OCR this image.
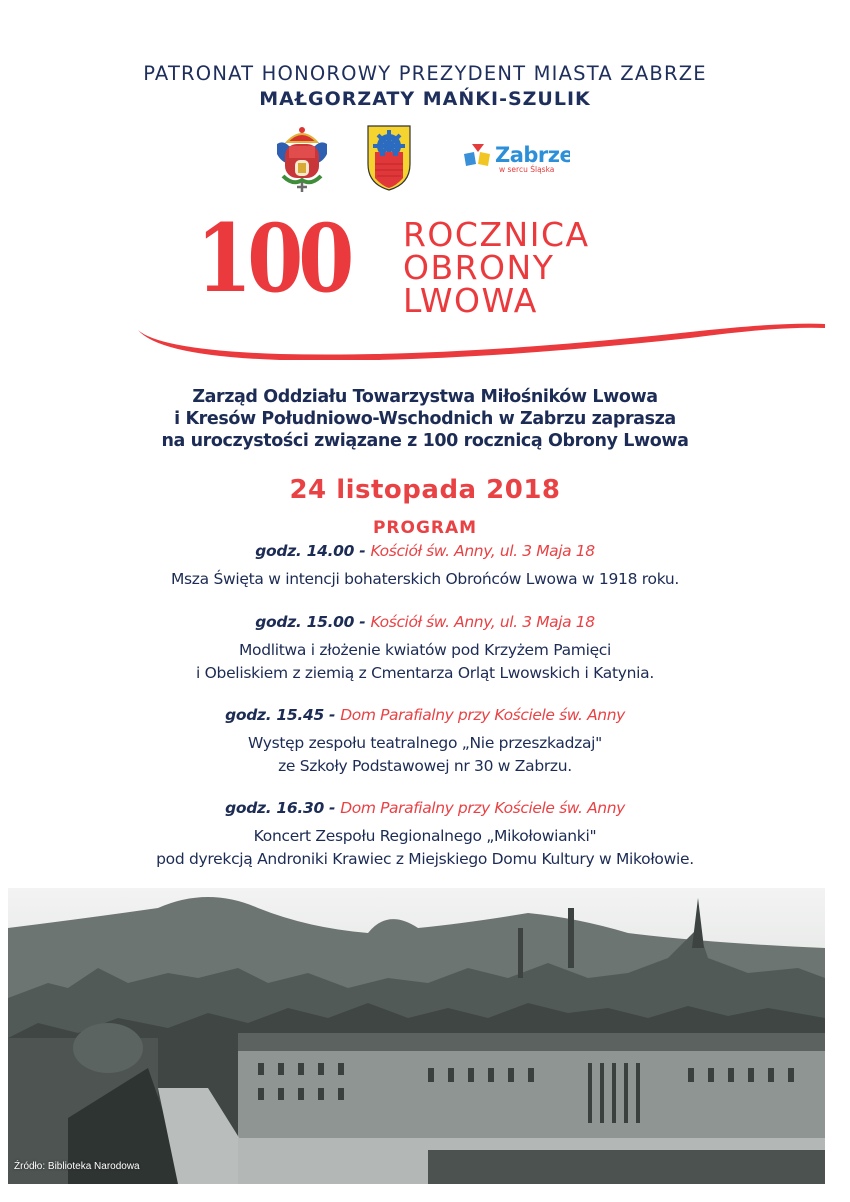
PATRONAT HONOROWY PREZYDENT MIASTA ZABRZE
MAŁGORZATY MAŃKI-SZULIK
Zabrze
w sercu Śląska
100 ROCZNICA
OBRONY
LWOWA
Zarząd Oddziału Towarzystwa Miłośników Lwowa
i Kresów Południowo-Wschodnich w Zabrzu zaprasza
na uroczystości związane z 100 rocznicą Obrony Lwowa
24 listopada 2018
PROGRAM
godz. 14.00 - Kościół św. Anny, ul. 3 Maja 18
Msza Święta w intencji bohaterskich Obrońców Lwowa w 1918 roku.
godz. 15.00 - Kościół św. Anny, ul. 3 Maja 18
Modlitwa i złożenie kwiatów pod Krzyżem Pamięci
i Obeliskiem z ziemią z Cmentarza Orląt Lwowskich i Katynia.
godz. 15.45 - Dom Parafialny przy Kościele św. Anny
Występ zespołu teatralnego „Nie przeszkadzaj"
ze Szkoły Podstawowej nr 30 w Zabrzu.
godz. 16.30 - Dom Parafialny przy Kościele św. Anny
Koncert Zespołu Regionalnego „Mikołowianki"
pod dyrekcją Androniki Krawiec z Miejskiego Domu Kultury w Mikołowie.
Źródło: Biblioteka Narodowa
